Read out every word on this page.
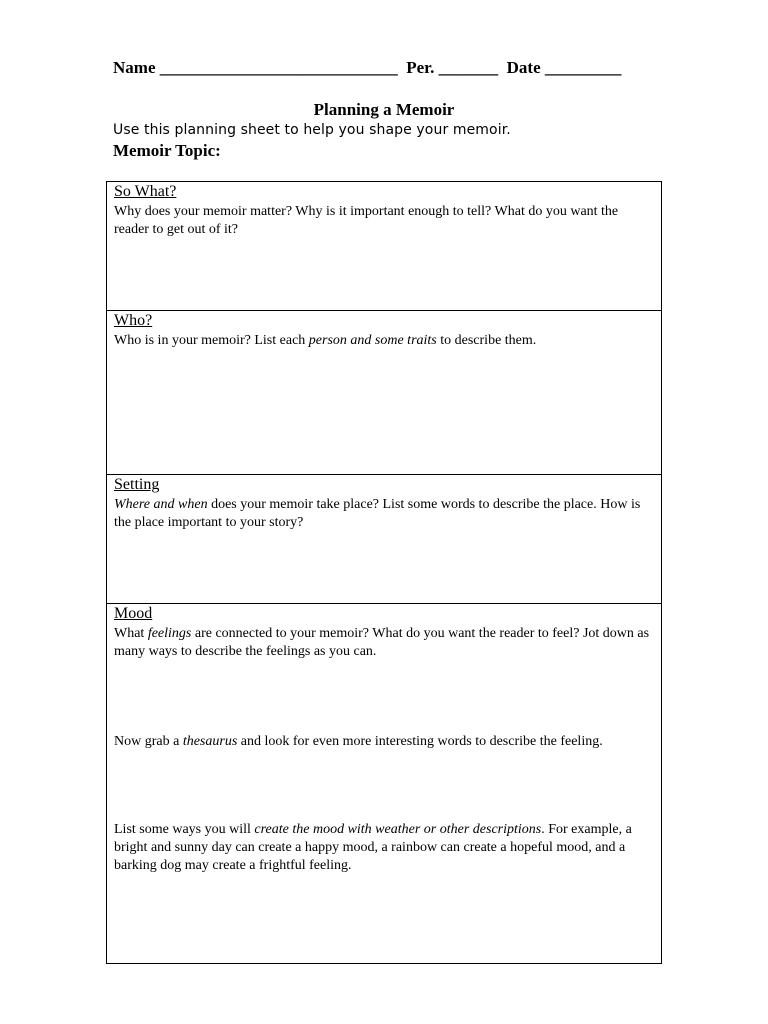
Name ____________________________  Per. _______  Date _________
Planning a Memoir
Use this planning sheet to help you shape your memoir.
Memoir Topic:
So What?
Why does your memoir matter? Why is it important enough to tell? What do you want the reader to get out of it?
Who?
Who is in your memoir? List each person and some traits to describe them.
Setting
Where and when does your memoir take place? List some words to describe the place. How is the place important to your story?
Mood
What feelings are connected to your memoir? What do you want the reader to feel? Jot down as many ways to describe the feelings as you can.
Now grab a thesaurus and look for even more interesting words to describe the feeling.
List some ways you will create the mood with weather or other descriptions. For example, a bright and sunny day can create a happy mood, a rainbow can create a hopeful mood, and a barking dog may create a frightful feeling.
